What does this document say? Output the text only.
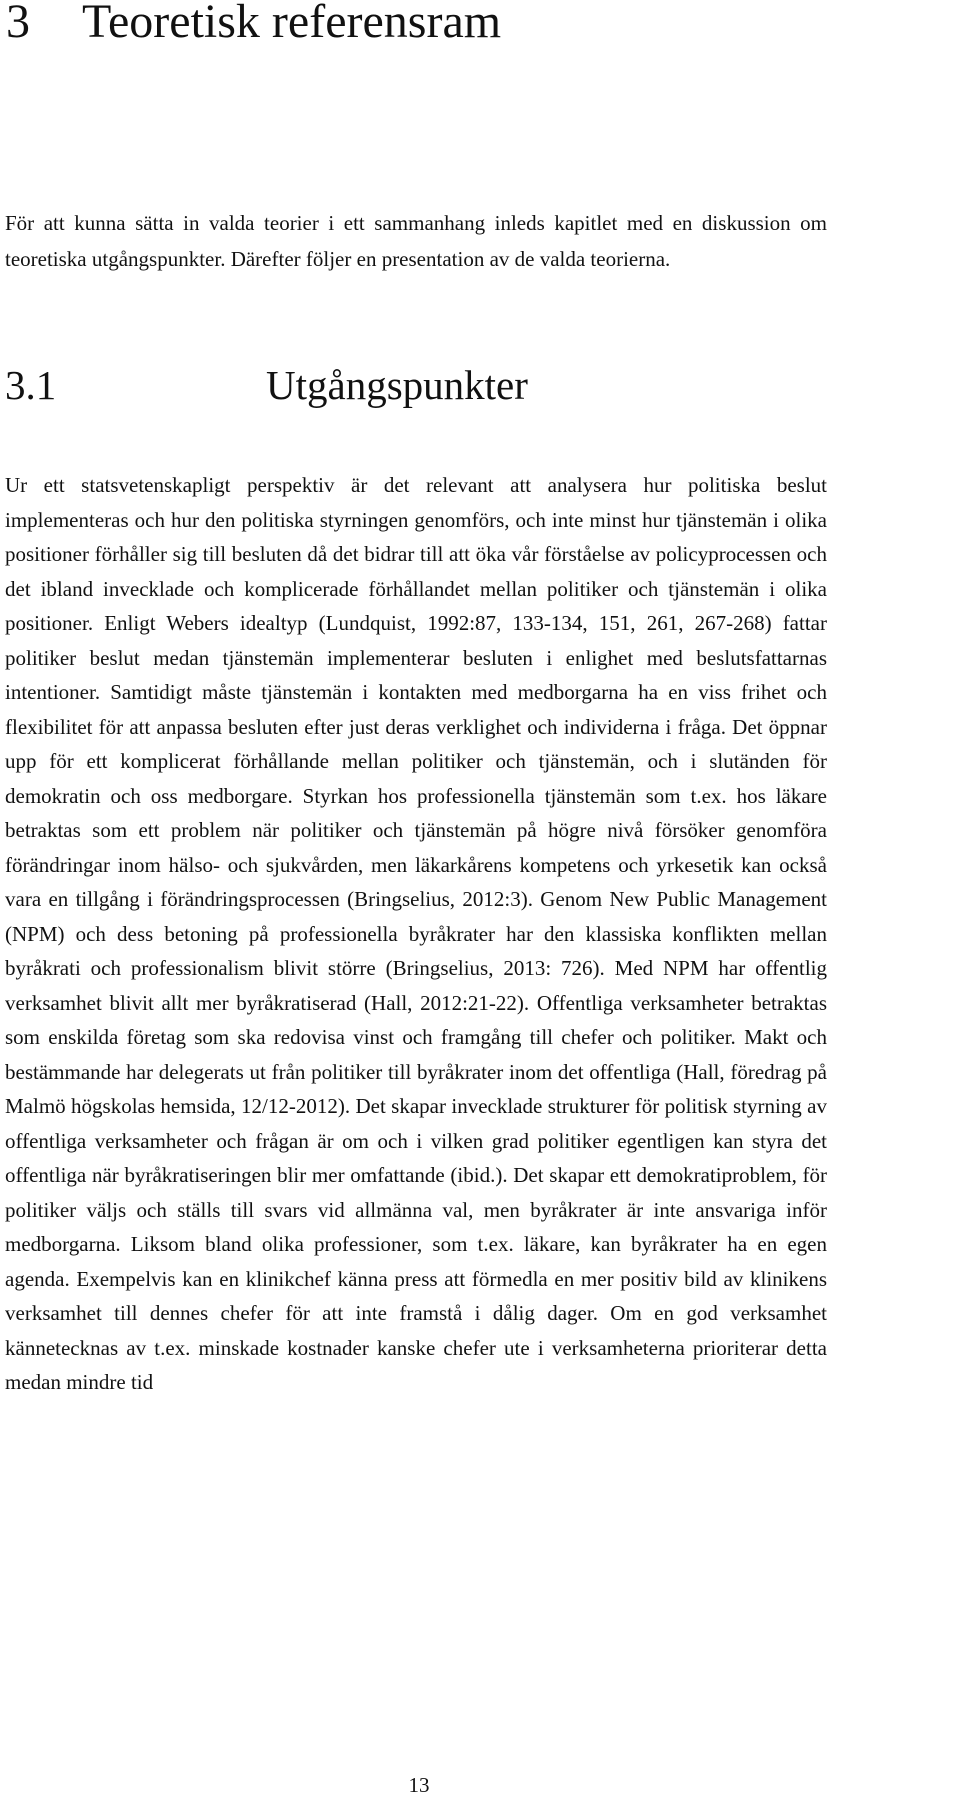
3 Teoretisk referensram

För att kunna sätta in valda teorier i ett sammanhang inleds kapitlet med en diskussion om teoretiska utgångspunkter. Därefter följer en presentation av de valda teorierna.

3.1	Utgångspunkter

Ur ett statsvetenskapligt perspektiv är det relevant att analysera hur politiska beslut implementeras och hur den politiska styrningen genomförs, och inte minst hur tjänstemän i olika positioner förhåller sig till besluten då det bidrar till att öka vår förståelse av policyprocessen och det ibland invecklade och komplicerade förhållandet mellan politiker och tjänstemän i olika positioner. Enligt Webers idealtyp (Lundquist, 1992:87, 133-134, 151, 261, 267-268) fattar politiker beslut medan tjänstemän implementerar besluten i enlighet med beslutsfattarnas intentioner. Samtidigt måste tjänstemän i kontakten med medborgarna ha en viss frihet och flexibilitet för att anpassa besluten efter just deras verklighet och individerna i fråga. Det öppnar upp för ett komplicerat förhållande mellan politiker och tjänstemän, och i slutänden för demokratin och oss medborgare. Styrkan hos professionella tjänstemän som t.ex. hos läkare betraktas som ett problem när politiker och tjänstemän på högre nivå försöker genomföra förändringar inom hälso- och sjukvården, men läkarkårens kompetens och yrkesetik kan också vara en tillgång i förändringsprocessen (Bringselius, 2012:3). Genom New Public Management (NPM) och dess betoning på professionella byråkrater har den klassiska konflikten mellan byråkrati och professionalism blivit större (Bringselius, 2013: 726). Med NPM har offentlig verksamhet blivit allt mer byråkratiserad (Hall, 2012:21-22). Offentliga verksamheter betraktas som enskilda företag som ska redovisa vinst och framgång till chefer och politiker. Makt och bestämmande har delegerats ut från politiker till byråkrater inom det offentliga (Hall, föredrag på Malmö högskolas hemsida, 12/12-2012). Det skapar invecklade strukturer för politisk styrning av offentliga verksamheter och frågan är om och i vilken grad politiker egentligen kan styra det offentliga när byråkratiseringen blir mer omfattande (ibid.). Det skapar ett demokratiproblem, för politiker väljs och ställs till svars vid allmänna val, men byråkrater är inte ansvariga inför medborgarna. Liksom bland olika professioner, som t.ex. läkare, kan byråkrater ha en egen agenda. Exempelvis kan en klinikchef känna press att förmedla en mer positiv bild av klinikens verksamhet till dennes chefer för att inte framstå i dålig dager. Om en god verksamhet kännetecknas av t.ex. minskade kostnader kanske chefer ute i verksamheterna prioriterar detta medan mindre tid

13
